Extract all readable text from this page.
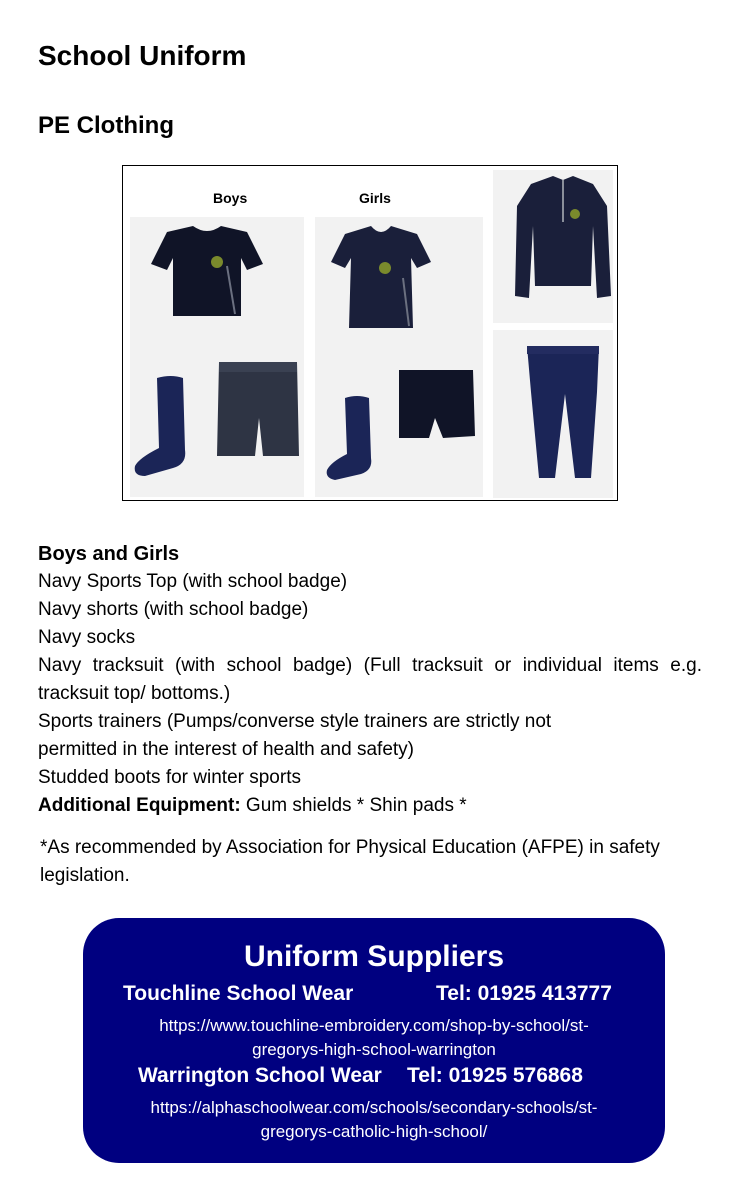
School Uniform
PE Clothing
Boys	Girls
Boys and Girls
Navy Sports Top (with school badge)
Navy shorts (with school badge)
Navy socks
Navy tracksuit (with school badge) (Full tracksuit or individual items e.g. tracksuit top/ bottoms.)
Sports trainers (Pumps/converse style trainers are strictly not
permitted in the interest of health and safety)
Studded boots for winter sports
Additional Equipment: Gum shields * Shin pads *
*As recommended by Association for Physical Education (AFPE) in safety legislation.
Uniform Suppliers
Touchline School Wear	Tel: 01925 413777
https://www.touchline-embroidery.com/shop-by-school/st-
gregorys-high-school-warrington
Warrington School Wear Tel: 01925 576868
https://alphaschoolwear.com/schools/secondary-schools/st-
gregorys-catholic-high-school/
